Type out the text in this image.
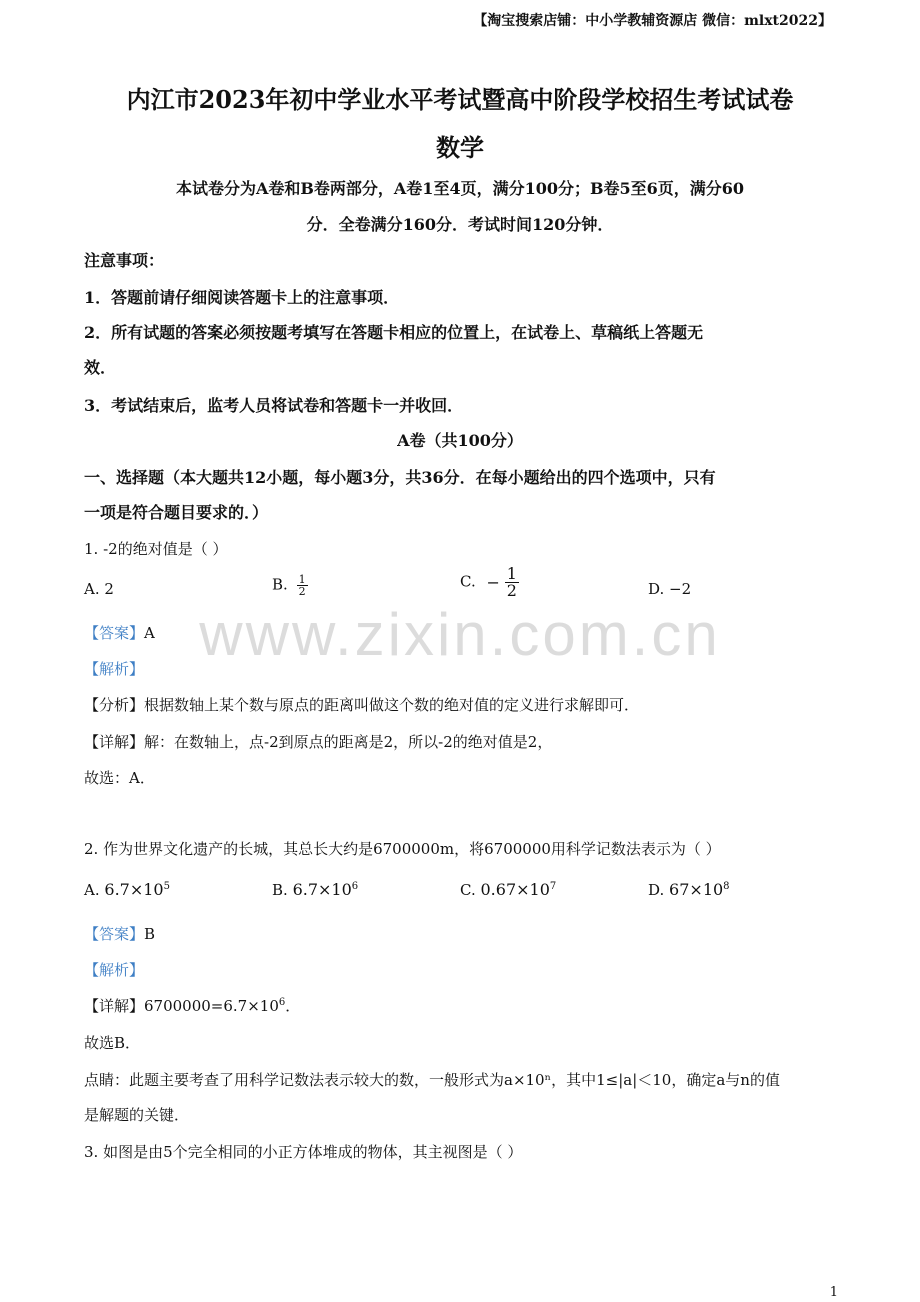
【淘宝搜索店铺：中小学教辅资源店 微信：mlxt2022】
内江市2023年初中学业水平考试暨高中阶段学校招生考试试卷
数学
本试卷分为A卷和B卷两部分，A卷1至4页，满分100分；B卷5至6页，满分60
分．全卷满分160分．考试时间120分钟．
注意事项：
1．答题前请仔细阅读答题卡上的注意事项．
2．所有试题的答案必须按题考填写在答题卡相应的位置上，在试卷上、草稿纸上答题无
效．
3．考试结束后，监考人员将试卷和答题卡一并收回．
A卷（共100分）
一、选择题（本大题共12小题，每小题3分，共36分．在每小题给出的四个选项中，只有
一项是符合题目要求的．）
1. -2的绝对值是（ ）
A. 2	B. $\frac{1}{2}$	C. − $\frac{1}{2}$	D. −2
【答案】A
【解析】
【分析】根据数轴上某个数与原点的距离叫做这个数的绝对值的定义进行求解即可．
【详解】解：在数轴上，点-2到原点的距离是2，所以-2的绝对值是2，
故选：A．
www.zixin.com.cn
2. 作为世界文化遗产的长城，其总长大约是6700000m，将6700000用科学记数法表示为（ ）
A. $6.7\times 10^5$	B. $6.7\times 10^6$	C. $0.67\times 10^7$	D. $67\times 10^8$
【答案】B
【解析】
【详解】$6700000=6.7\times 10^6$．
故选B．
点睛：此题主要考查了用科学记数法表示较大的数，一般形式为a×10ⁿ，其中1≤|a|＜10，确定a与n的值
是解题的关键．
3. 如图是由5个完全相同的小正方体堆成的物体，其主视图是（ ）
1
